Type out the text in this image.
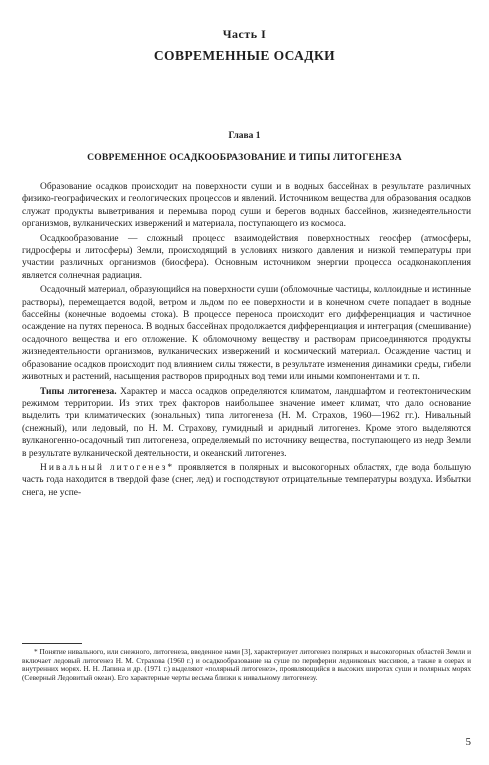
Часть I
СОВРЕМЕННЫЕ ОСАДКИ
Глава 1
СОВРЕМЕННОЕ ОСАДКООБРАЗОВАНИЕ И ТИПЫ ЛИТОГЕНЕЗА

Образование осадков происходит на поверхности суши и в водных бассейнах в результате различных физико-географических и геологических процессов и явлений. Источником вещества для образования осадков служат продукты выветривания и перемыва пород суши и берегов водных бассейнов, жизнедеятельности организмов, вулканических извержений и материала, поступающего из космоса.

Осадкообразование — сложный процесс взаимодействия поверхностных геосфер (атмосферы, гидросферы и литосферы) Земли, происходящий в условиях низкого давления и низкой температуры при участии различных организмов (биосфера). Основным источником энергии процесса осадконакопления является солнечная радиация.

Осадочный материал, образующийся на поверхности суши (обломочные частицы, коллоидные и истинные растворы), перемещается водой, ветром и льдом по ее поверхности и в конечном счете попадает в водные бассейны (конечные водоемы стока). В процессе переноса происходит его дифференциация и частичное осаждение на путях переноса. В водных бассейнах продолжается дифференциация и интеграция (смешивание) осадочного вещества и его отложение. К обломочному веществу и растворам присоединяются продукты жизнедеятельности организмов, вулканических извержений и космический материал. Осаждение частиц и образование осадков происходит под влиянием силы тяжести, в результате изменения динамики среды, гибели животных и растений, насыщения растворов природных вод теми или иными компонентами и т. п.

Типы литогенеза. Характер и масса осадков определяются климатом, ландшафтом и геотектоническим режимом территории. Из этих трех факторов наибольшее значение имеет климат, что дало основание выделить три климатических (зональных) типа литогенеза (Н. М. Страхов, 1960—1962 гг.). Нивальный (снежный), или ледовый, по Н. М. Страхову, гумидный и аридный литогенез. Кроме этого выделяются вулканогенно-осадочный тип литогенеза, определяемый по источнику вещества, поступающего из недр Земли в результате вулканической деятельности, и океанский литогенез.

Нивальный литогенез* проявляется в полярных и высокогорных областях, где вода большую часть года находится в твердой фазе (снег, лед) и господствуют отрицательные температуры воздуха. Избытки снега, не успе-

* Понятие нивального, или снежного, литогенеза, введенное нами [3], характеризует литогенез полярных и высокогорных областей Земли и включает ледовый литогенез Н. М. Страхова (1960 г.) и осадкообразование на суше по периферии ледниковых массивов, а также в озерах и внутренних морях. Н. Н. Лапина и др. (1971 г.) выделяют «полярный литогенез», проявляющийся в высоких широтах суши и полярных морях (Северный Ледовитый океан). Его характерные черты весьма близки к нивальному литогенезу.
5
